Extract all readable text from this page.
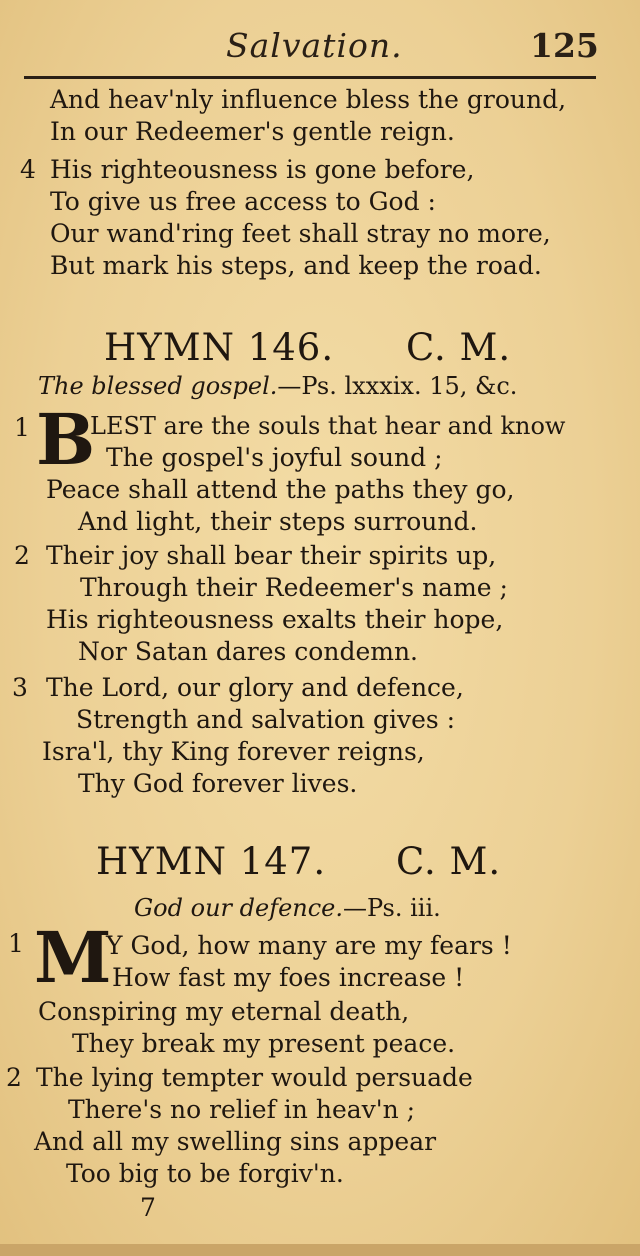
Salvation.	125
And heav'nly influence bless the ground,
In our Redeemer's gentle reign.
4 His righteousness is gone before,
To give us free access to God :
Our wand'ring feet shall stray no more,
But mark his steps, and keep the road.
HYMN 146. C. M.
The blessed gospel.—Ps. lxxxix. 15, &c.
1 B
LEST are the souls that hear and know
The gospel's joyful sound ;
Peace shall attend the paths they go,
And light, their steps surround.
2 Their joy shall bear their spirits up,
Through their Redeemer's name ;
His righteousness exalts their hope,
Nor Satan dares condemn.
3 The Lord, our glory and defence,
Strength and salvation gives :
Isra'l, thy King forever reigns,
Thy God forever lives.
HYMN 147. C. M.
God our defence.—Ps. iii.
1 M
Y God, how many are my fears !
How fast my foes increase !
Conspiring my eternal death,
They break my present peace.
2 The lying tempter would persuade
There's no relief in heav'n ;
And all my swelling sins appear
Too big to be forgiv'n.
7
